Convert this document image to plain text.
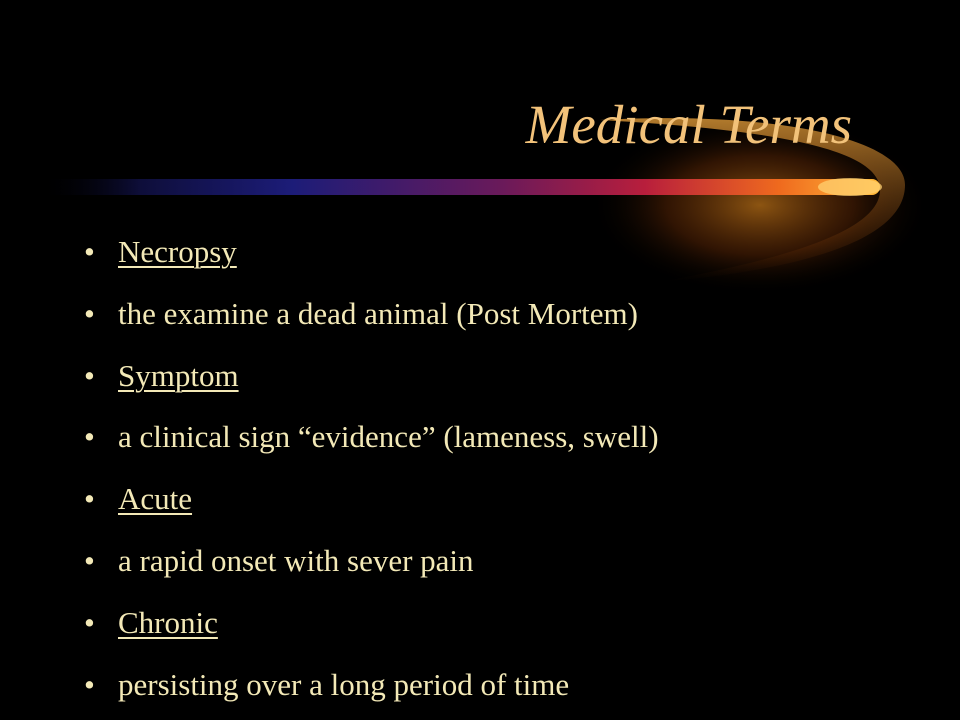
Medical Terms
• Necropsy
• the examine a dead animal (Post Mortem)
• Symptom
• a clinical sign “evidence” (lameness, swell)
• Acute
• a rapid onset with sever pain
• Chronic
• persisting over a long period of time
